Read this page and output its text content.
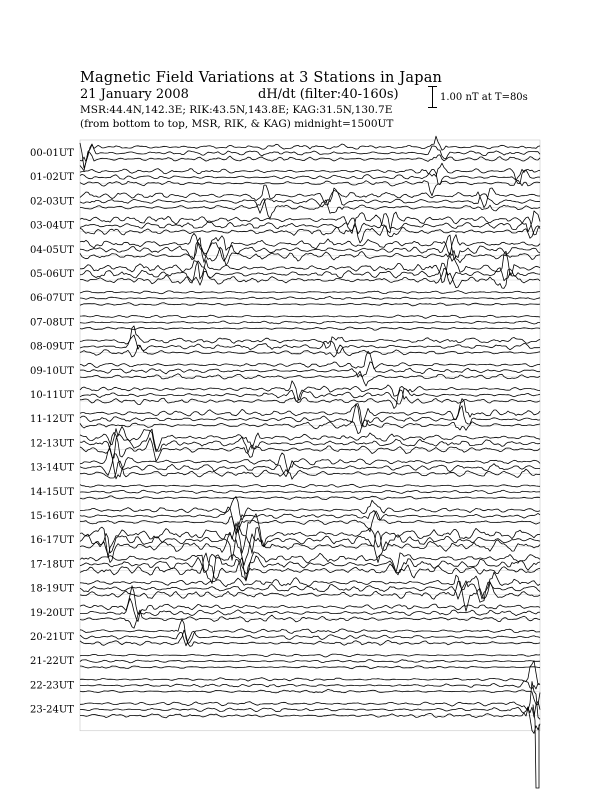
Magnetic Field Variations at 3 Stations in Japan
21 January 2008	dH/dt (filter:40-160s)
MSR:44.4N,142.3E; RIK:43.5N,143.8E; KAG:31.5N,130.7E
(from bottom to top, MSR, RIK, & KAG) midnight=1500UT
1.00 nT at T=80s
00-01UT
01-02UT
02-03UT
03-04UT
04-05UT
05-06UT
06-07UT
07-08UT
08-09UT
09-10UT
10-11UT
11-12UT
12-13UT
13-14UT
14-15UT
15-16UT
16-17UT
17-18UT
18-19UT
19-20UT
20-21UT
21-22UT
22-23UT
23-24UT
